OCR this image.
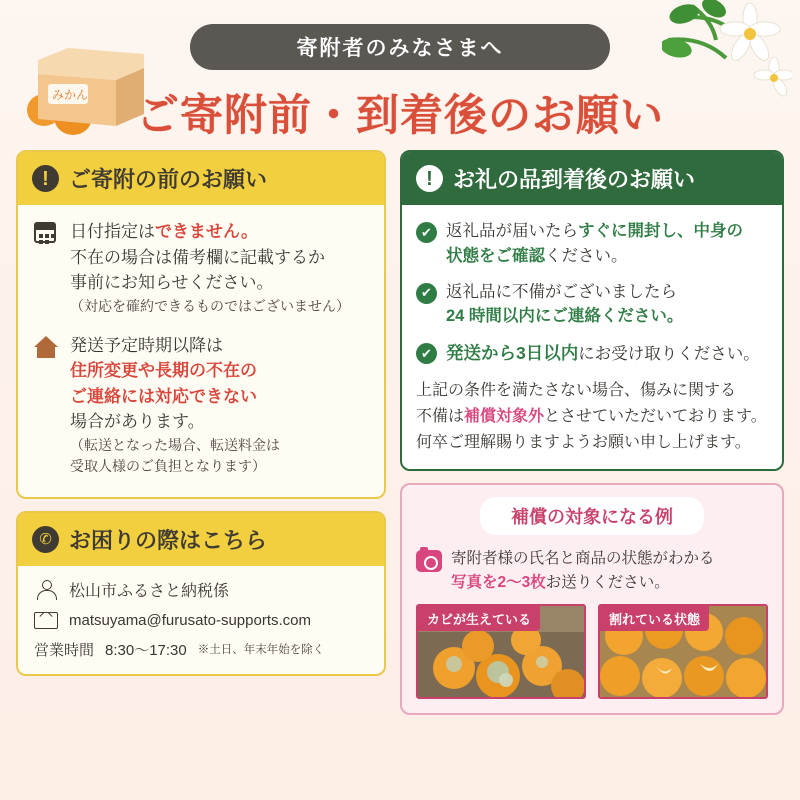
みかん
寄附者のみなさまへ
ご寄附前・到着後のお願い
! ご寄附の前のお願い
日付指定はできません。
不在の場合は備考欄に記載するか
事前にお知らせください。
（対応を確約できるものではございません）
発送予定時期以降は
住所変更や長期の不在の
ご連絡には対応できない
場合があります。
（転送となった場合、転送料金は
受取人様のご負担となります）
✆ お困りの際はこちら
松山市ふるさと納税係
matsuyama@furusato-supports.com
営業時間 8:30〜17:30 ※土日、年末年始を除く
! お礼の品到着後のお願い
✔ 返礼品が届いたらすぐに開封し、中身の
状態をご確認ください。
✔ 返礼品に不備がございましたら
24 時間以内にご連絡ください。
✔ 発送から3日以内にお受け取りください。
上記の条件を満たさない場合、傷みに関する
不備は補償対象外とさせていただいております。
何卒ご理解賜りますようお願い申し上げます。
補償の対象になる例
寄附者様の氏名と商品の状態がわかる
写真を2〜3枚お送りください。
カビが生えている	割れている状態
